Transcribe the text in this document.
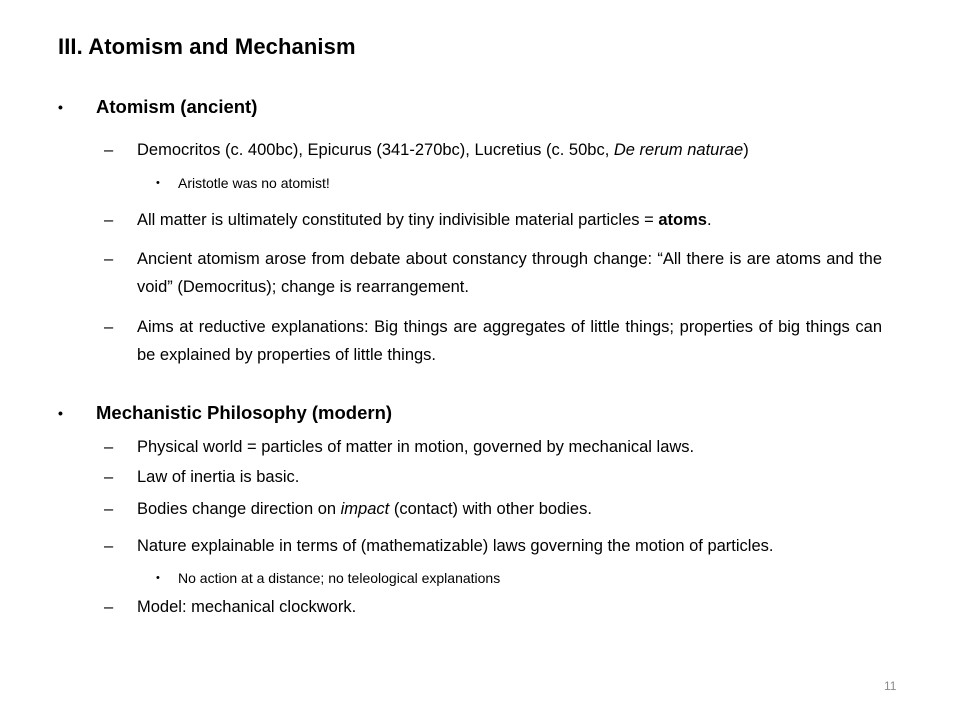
III. Atomism and Mechanism
• Atomism (ancient)
– Democritos (c. 400bc), Epicurus (341-270bc), Lucretius (c. 50bc, De rerum naturae)
• Aristotle was no atomist!
– All matter is ultimately constituted by tiny indivisible material particles = atoms.
– Ancient atomism arose from debate about constancy through change: “All there is are atoms and the void” (Democritus); change is rearrangement.
– Aims at reductive explanations: Big things are aggregates of little things; properties of big things can be explained by properties of little things.
• Mechanistic Philosophy (modern)
– Physical world = particles of matter in motion, governed by mechanical laws.
– Law of inertia is basic.
– Bodies change direction on impact (contact) with other bodies.
– Nature explainable in terms of (mathematizable) laws governing the motion of particles.
• No action at a distance; no teleological explanations
– Model: mechanical clockwork.
11
